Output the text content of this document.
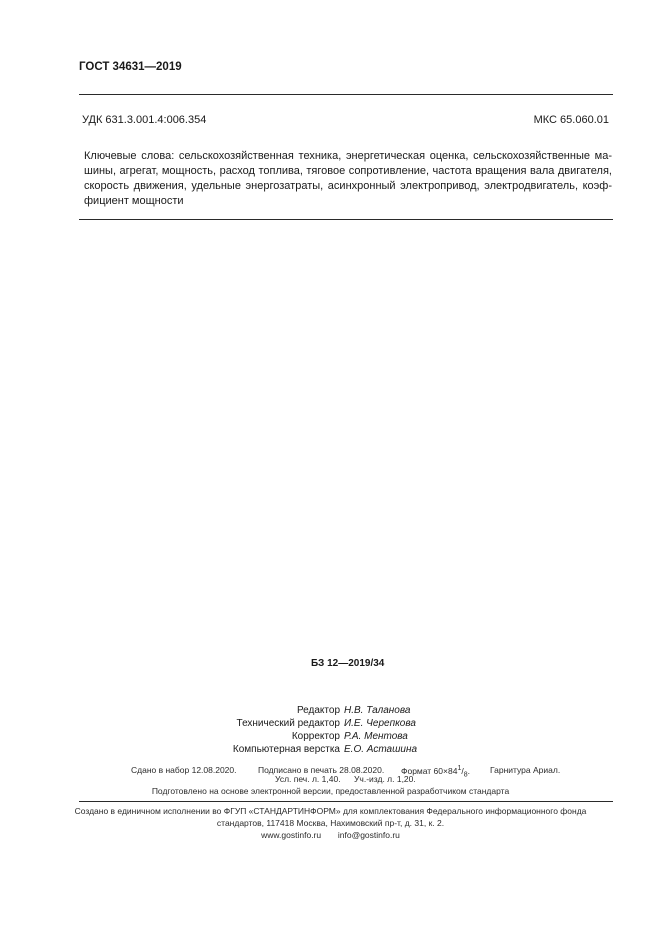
ГОСТ 34631—2019
УДК 631.3.001.4:006.354	МКС 65.060.01
Ключевые слова: сельскохозяйственная техника, энергетическая оценка, сельскохозяйственные ма-
шины, агрегат, мощность, расход топлива, тяговое сопротивление, частота вращения вала двигателя,
скорость движения, удельные энергозатраты, асинхронный электропривод, электродвигатель, коэф-
фициент мощности
БЗ 12—2019/34
Редактор Н.В. Таланова
Технический редактор И.Е. Черепкова
Корректор Р.А. Ментова
Компьютерная верстка Е.О. Асташина
Сдано в набор 12.08.2020.	Подписано в печать 28.08.2020. Формат $60\times 84^1/_8$. Гарнитура Ариал.
Усл. печ. л. 1,40. Уч.-изд. л. 1,20.
Подготовлено на основе электронной версии, предоставленной разработчиком стандарта
Создано в единичном исполнении во ФГУП «СТАНДАРТИНФОРМ» для комплектования Федерального информационного фонда
стандартов, 117418 Москва, Нахимовский пр-т, д. 31, к. 2.
www.gostinfo.ru info@gostinfo.ru
